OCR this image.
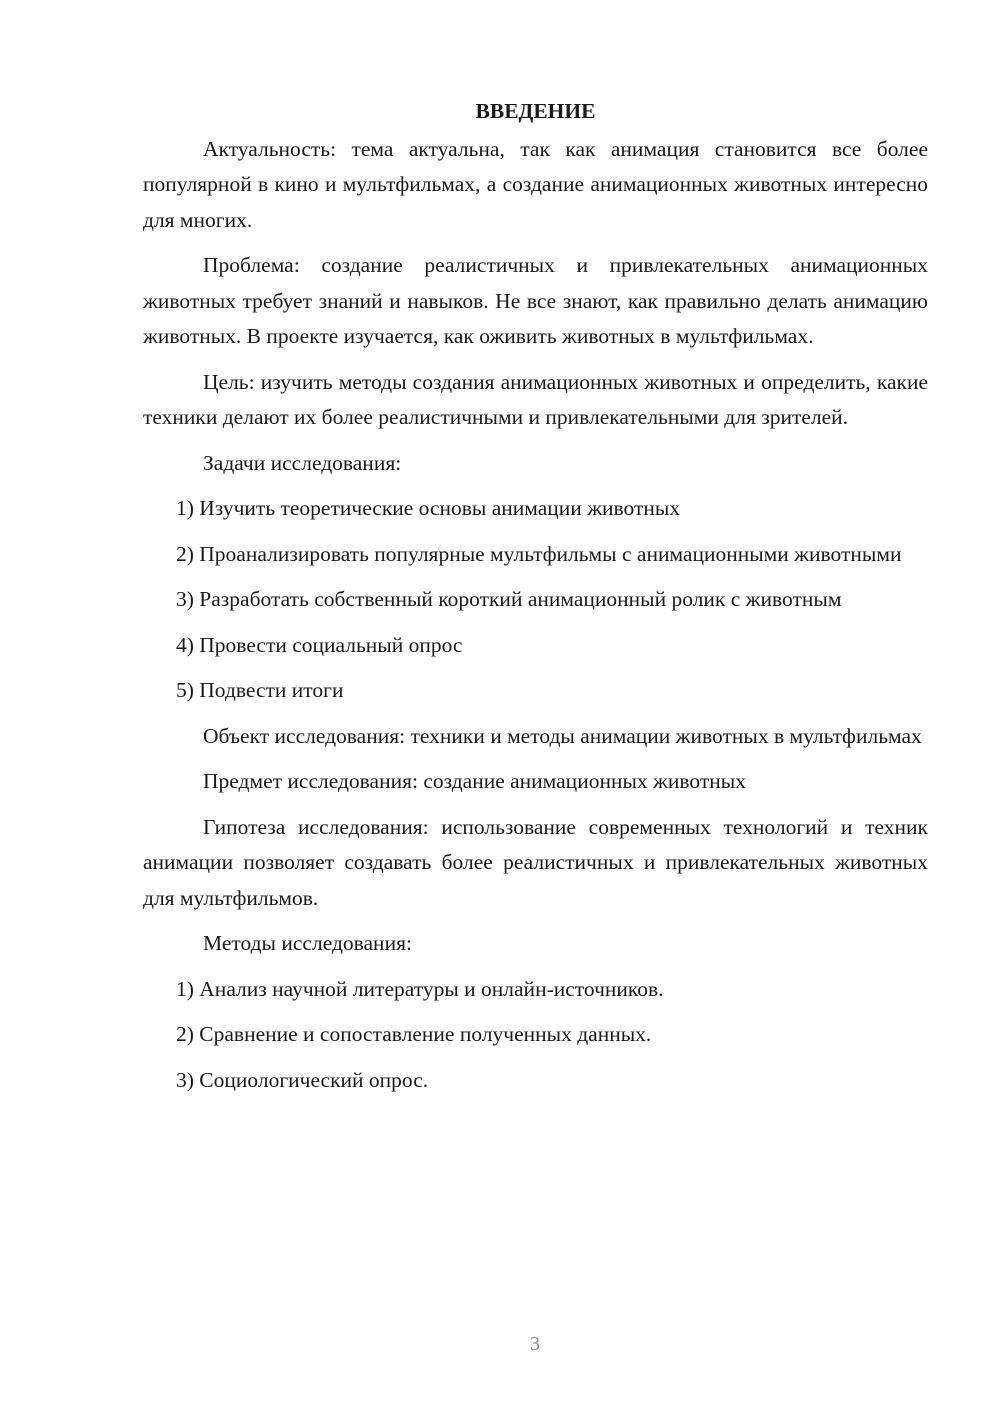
ВВЕДЕНИЕ

Актуальность: тема актуальна, так как анимация становится все более популярной в кино и мультфильмах, а создание анимационных животных интересно для многих.

Проблема: создание реалистичных и привлекательных анимационных животных требует знаний и навыков. Не все знают, как правильно делать анимацию животных. В проекте изучается, как оживить животных в мультфильмах.

Цель: изучить методы создания анимационных животных и определить, какие техники делают их более реалистичными и привлекательными для зрителей.

Задачи исследования:

1) Изучить теоретические основы анимации животных

2) Проанализировать популярные мультфильмы с анимационными животными

3) Разработать собственный короткий анимационный ролик с животным

4) Провести социальный опрос

5) Подвести итоги

Объект исследования: техники и методы анимации животных в мультфильмах

Предмет исследования: создание анимационных животных

Гипотеза исследования: использование современных технологий и техник анимации позволяет создавать более реалистичных и привлекательных животных для мультфильмов.

Методы исследования:

1) Анализ научной литературы и онлайн-источников.

2) Сравнение и сопоставление полученных данных.

3) Социологический опрос.

3
